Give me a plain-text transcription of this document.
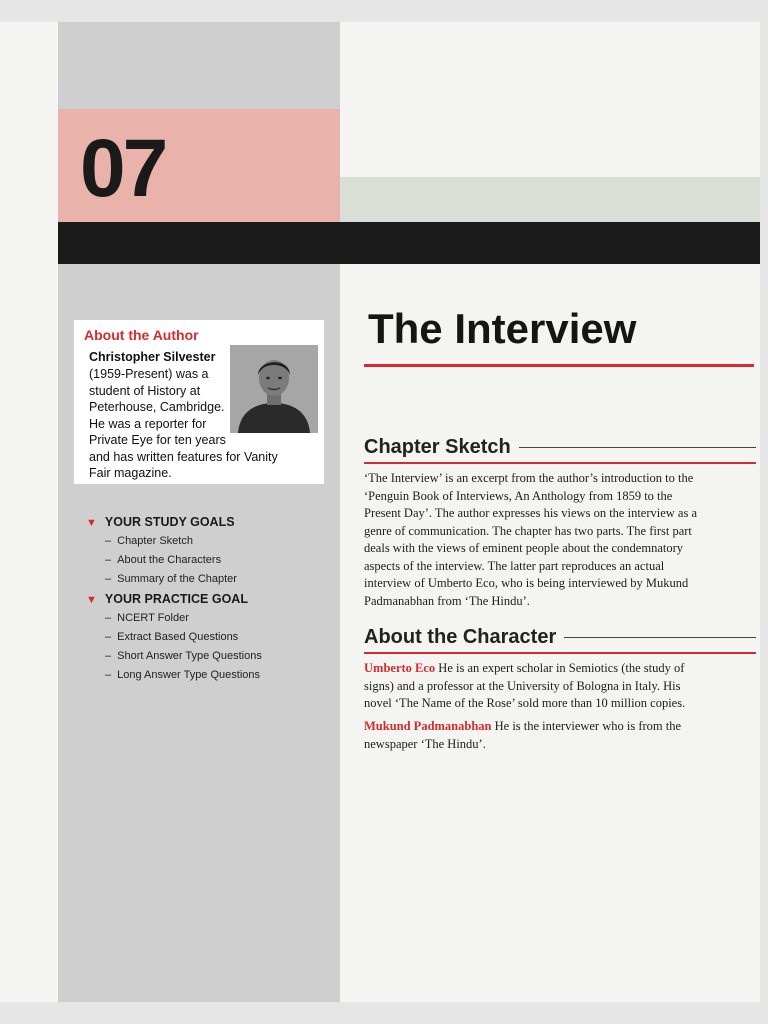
07
About the Author
Christopher Silvester
(1959-Present) was a
student of History at
Peterhouse, Cambridge.
He was a reporter for
Private Eye for ten years
and has written features for Vanity
Fair magazine.
▼ YOUR STUDY GOALS
– Chapter Sketch
– About the Characters
– Summary of the Chapter
▼ YOUR PRACTICE GOAL
– NCERT Folder
– Extract Based Questions
– Short Answer Type Questions
– Long Answer Type Questions
The Interview
Chapter Sketch
‘The Interview’ is an excerpt from the author’s introduction to the
‘Penguin Book of Interviews, An Anthology from 1859 to the
Present Day’. The author expresses his views on the interview as a
genre of communication. The chapter has two parts. The first part
deals with the views of eminent people about the condemnatory
aspects of the interview. The latter part reproduces an actual
interview of Umberto Eco, who is being interviewed by Mukund
Padmanabhan from ‘The Hindu’.
About the Character
Umberto Eco He is an expert scholar in Semiotics (the study of
signs) and a professor at the University of Bologna in Italy. His
novel ‘The Name of the Rose’ sold more than 10 million copies.
Mukund Padmanabhan He is the interviewer who is from the
newspaper ‘The Hindu’.
